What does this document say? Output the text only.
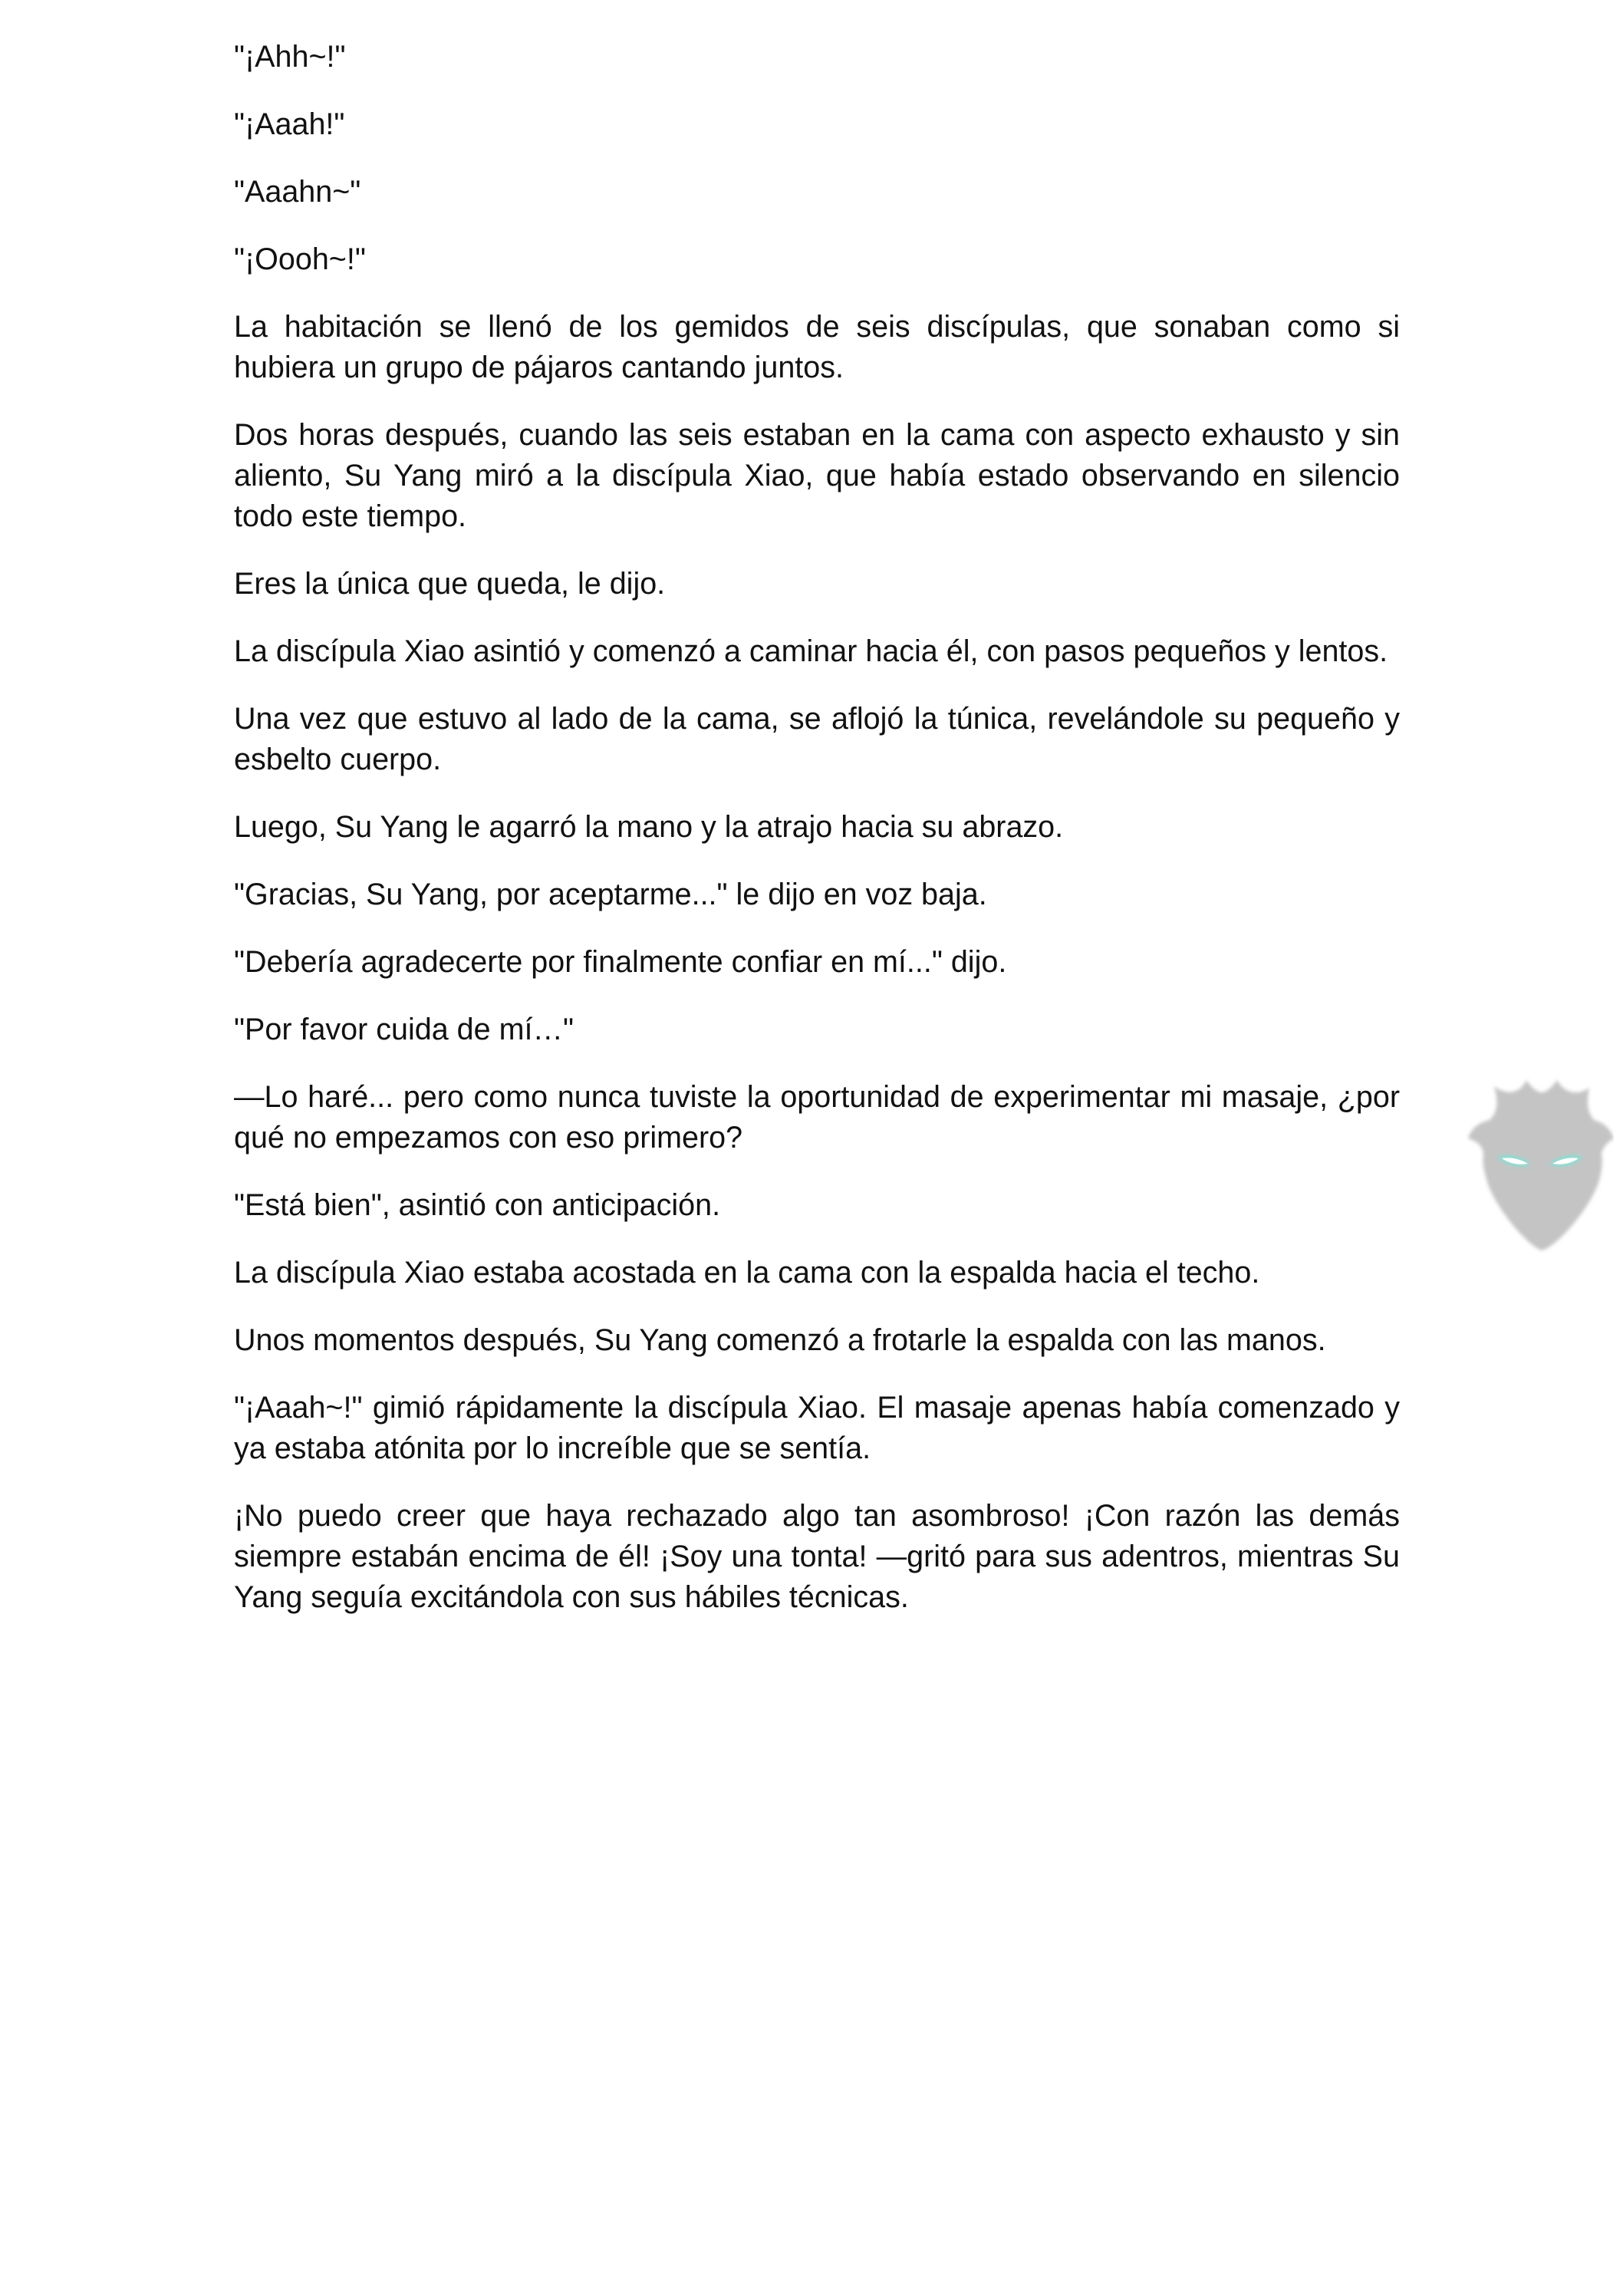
"¡Ahh~!"

"¡Aaah!"

"Aaahn~"

"¡Oooh~!"

La habitación se llenó de los gemidos de seis discípulas, que sonaban como si hubiera un grupo de pájaros cantando juntos.

Dos horas después, cuando las seis estaban en la cama con aspecto exhausto y sin aliento, Su Yang miró a la discípula Xiao, que había estado observando en silencio todo este tiempo.

Eres la única que queda, le dijo.

La discípula Xiao asintió y comenzó a caminar hacia él, con pasos pequeños y lentos.

Una vez que estuvo al lado de la cama, se aflojó la túnica, revelándole su pequeño y esbelto cuerpo.

Luego, Su Yang le agarró la mano y la atrajo hacia su abrazo.

"Gracias, Su Yang, por aceptarme..." le dijo en voz baja.

"Debería agradecerte por finalmente confiar en mí..." dijo.

"Por favor cuida de mí…"

—Lo haré... pero como nunca tuviste la oportunidad de experimentar mi masaje, ¿por qué no empezamos con eso primero?

"Está bien", asintió con anticipación.

La discípula Xiao estaba acostada en la cama con la espalda hacia el techo.

Unos momentos después, Su Yang comenzó a frotarle la espalda con las manos.

"¡Aaah~!" gimió rápidamente la discípula Xiao. El masaje apenas había comenzado y ya estaba atónita por lo increíble que se sentía.

¡No puedo creer que haya rechazado algo tan asombroso! ¡Con razón las demás siempre estabán encima de él! ¡Soy una tonta! —gritó para sus adentros, mientras Su Yang seguía excitándola con sus hábiles técnicas.
